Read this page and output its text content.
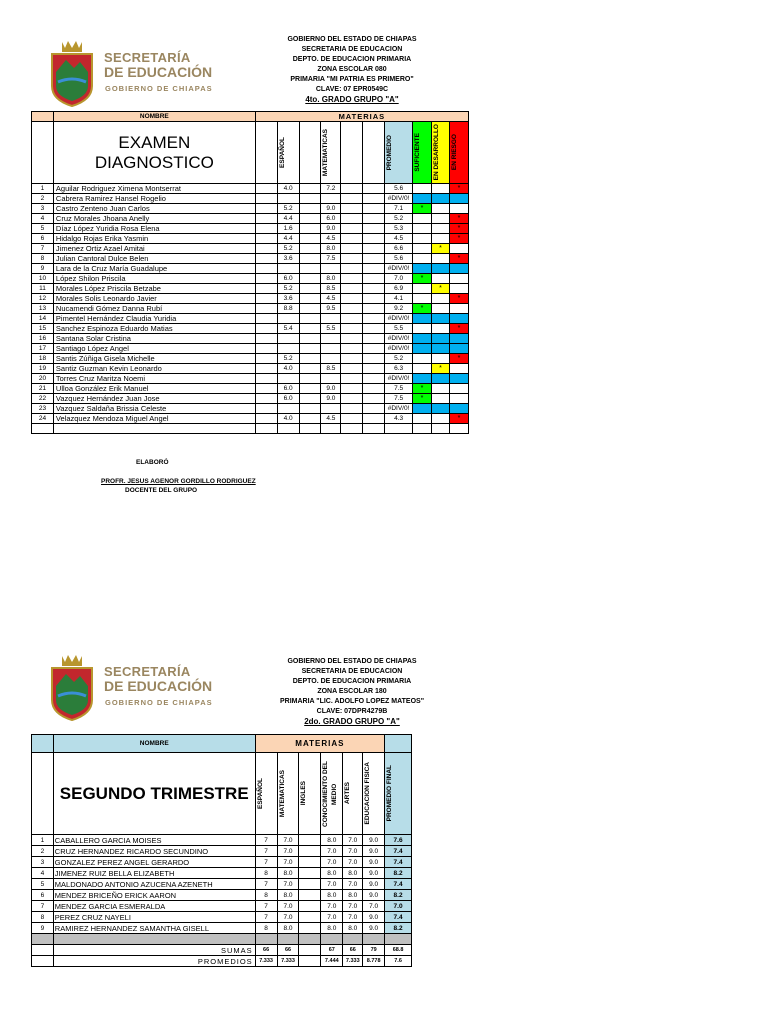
SECRETARÍA
DE EDUCACIÓN
GOBIERNO DE CHIAPAS
GOBIERNO DEL ESTADO DE CHIAPAS
SECRETARIA DE EDUCACION
DEPTO. DE EDUCACION PRIMARIA
ZONA ESCOLAR 080
PRIMARIA "MI PATRIA ES PRIMERO"
CLAVE: 07 EPR0549C
4to. GRADO GRUPO "A"
	NOMBRE	MATERIAS									
	EXAMEN DIAGNOSTICO		ESPAÑOL		MATEMATICAS			PROMEDIO	SUFICIENTE	EN DESARROLLO	EN RIESGO

1	Aguilar Rodriguez Ximena Montserrat		4.0		7.2			5.6			*
2	Cabrera Ramirez Hansel Rogelio							#DIV/0!			
3	Castro Zenteno Juan Carlos		5.2		9.0			7.1	*		
4	Cruz Morales Jhoana Anelly		4.4		6.0			5.2			*
5	Díaz López Yuridia Rosa Elena		1.6		9.0			5.3			*
6	Hidalgo Rojas Erika Yasmin		4.4		4.5			4.5			*
7	Jimenez Ortiz Azael Amitai		5.2		8.0			6.6		*	
8	Julian Cantoral Dulce Belen		3.6		7.5			5.6			*
9	Lara de la Cruz María Guadalupe							#DIV/0!			
10	López Shilon Priscila		6.0		8.0			7.0	*		
11	Morales López Priscila Betzabe		5.2		8.5			6.9		*	
12	Morales Solis Leonardo Javier		3.6		4.5			4.1			*
13	Nucamendi Gómez Danna Rubí		8.8		9.5			9.2	*		
14	Pimentel Hernández Claudia Yuridia							#DIV/0!			
15	Sanchez Espinoza Eduardo Matias		5.4		5.5			5.5			*
16	Santana Solar Cristina							#DIV/0!			
17	Santiago López Angel							#DIV/0!			
18	Santis Zúñiga Gisela Michelle		5.2					5.2			*
19	Santiz Guzman Kevin Leonardo		4.0		8.5			6.3		*	
20	Torres Cruz Maritza Noemi							#DIV/0!			
21	Ulloa González Erik Manuel		6.0		9.0			7.5	*		
22	Vazquez Hernández Juan Jose		6.0		9.0			7.5	*		
23	Vazquez Saldaña Brissia Celeste							#DIV/0!			
24	Velazquez Mendoza Miguel Angel		4.0		4.5			4.3			*

ELABORÓ
PROFR. JESUS AGENOR GORDILLO RODRIGUEZ
DOCENTE DEL GRUPO
SECRETARÍA
DE EDUCACIÓN
GOBIERNO DE CHIAPAS
GOBIERNO DEL ESTADO DE CHIAPAS
SECRETARIA DE EDUCACION
DEPTO. DE EDUCACION PRIMARIA
ZONA ESCOLAR 180
PRIMARIA "LIC. ADOLFO LOPEZ MATEOS"
CLAVE: 07DPR4279B
2do. GRADO GRUPO "A"
	NOMBRE	MATERIAS						
	SEGUNDO TRIMESTRE	ESPAÑOL	MATEMATICAS	INGLES	CONOCIMIENTO DEL MEDIO	ARTES	EDUCACION FISICA	PROMEDIO FINAL

1	CABALLERO GARCIA MOISES	7	7.0		8.0	7.0	9.0	7.6
2	CRUZ HERNANDEZ RICARDO SECUNDINO	7	7.0		7.0	7.0	9.0	7.4
3	GONZALEZ PEREZ ANGEL GERARDO	7	7.0		7.0	7.0	9.0	7.4
4	JIMENEZ RUIZ BELLA ELIZABETH	8	8.0		8.0	8.0	9.0	8.2
5	MALDONADO ANTONIO AZUCENA AZENETH	7	7.0		7.0	7.0	9.0	7.4
6	MENDEZ BRICEÑO ERICK AARON	8	8.0		8.0	8.0	9.0	8.2
7	MENDEZ GARCIA ESMERALDA	7	7.0		7.0	7.0	7.0	7.0
8	PEREZ CRUZ NAYELI	7	7.0		7.0	7.0	9.0	7.4
9	RAMIREZ HERNANDEZ SAMANTHA GISELL	8	8.0		8.0	8.0	9.0	8.2

	SUMAS	66	66		67	66	79	68.8
	PROMEDIOS	7.333	7.333		7.444	7.333	8.778	7.6
